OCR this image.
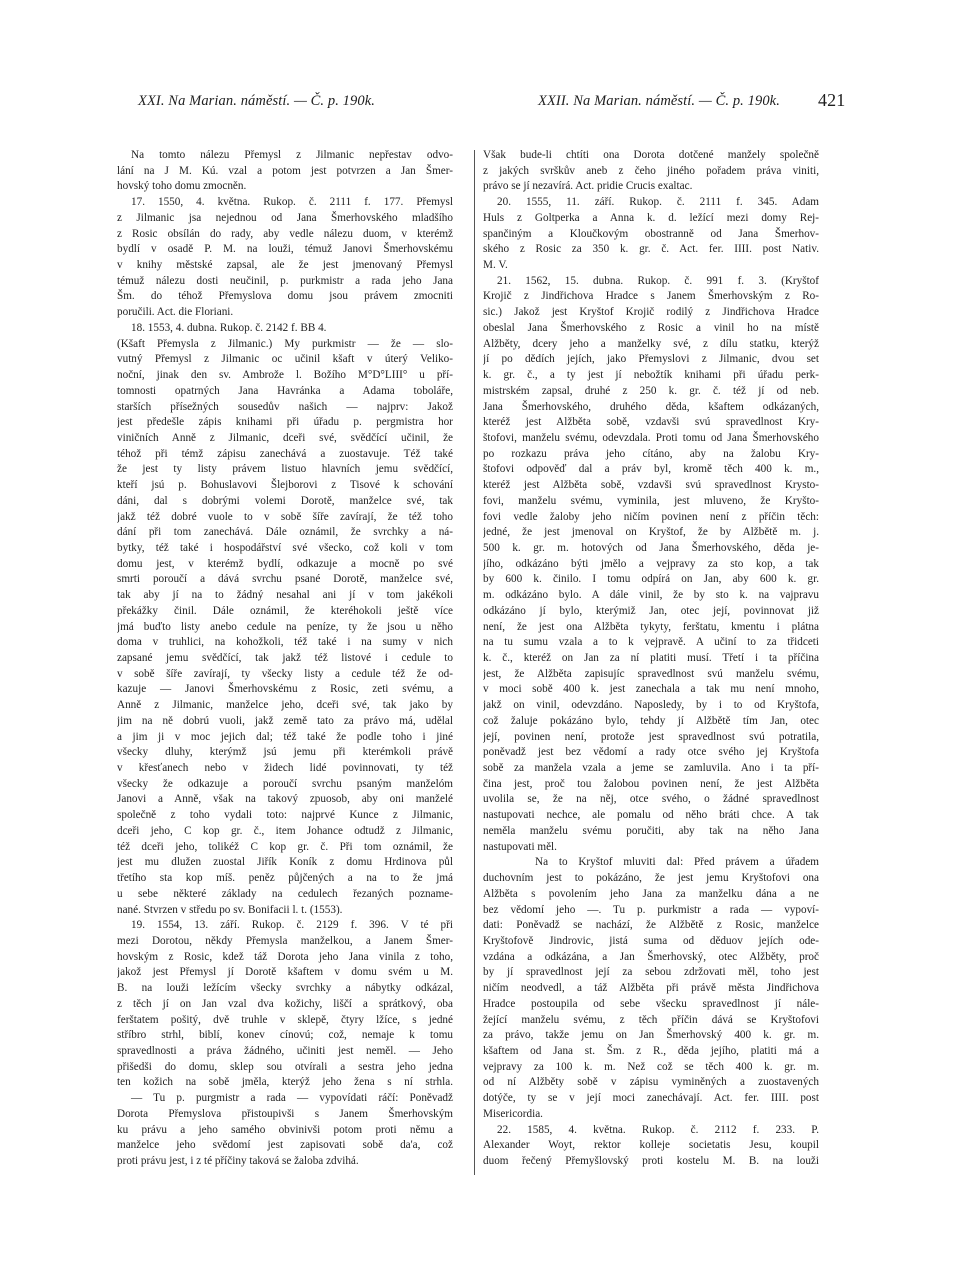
XXI. Na Marian. náměstí. — Č. p. 190k.	XXII. Na Marian. náměstí. — Č. p. 190k. 421
Na tomto nálezu Přemysl z Jilmanic nepřestav odvo-
lání na J M. Kú. vzal a potom jest potvrzen a Jan Šmer-
hovský toho domu zmocněn.
17. 1550, 4. května. Rukop. č. 2111 f. 177. Přemysl
z Jilmanic jsa nejednou od Jana Šmerhovského mladšího
z Rosic obsílán do rady, aby vedle nálezu duom, v kterémž
bydlí v osadě P. M. na louži, témuž Janovi Šmerhovskému
v knihy městské zapsal, ale že jest jmenovaný Přemysl
témuž nálezu dosti neučinil, p. purkmistr a rada jeho Jana
Šm. do téhož Přemyslova domu jsou právem zmocniti
poručili. Act. die Floriani.
18. 1553, 4. dubna. Rukop. č. 2142 f. BB 4.
(Kšaft Přemysla z Jilmanic.) My purkmistr — že — slo-
vutný Přemysl z Jilmanic oc učinil kšaft v úterý Veliko-
noční, jinak den sv. Ambrože l. Božího M°D°LIII° u pří-
tomnosti opatrných Jana Havránka a Adama toboláře,
starších přísežných sousedův našich — najprv: Jakož
jest předešle zápis knihami při úřadu p. pergmistra hor
viničních Anně z Jilmanic, dceři své, svědčící učinil, že
téhož při témž zápisu zanechává a zuostavuje. Též také
že jest ty listy právem listuo hlavních jemu svědčící,
kteří jsú p. Bohuslavovi Šlejborovi z Tisové k schování
dáni, dal s dobrými volemi Dorotě, manželce své, tak
jakž též dobré vuole to v sobě šíře zavírají, že též toho
dání při tom zanechává. Dále oznámil, že svrchky a ná-
bytky, též také i hospodářství své všecko, což koli v tom
domu jest, v kterémž bydlí, odkazuje a mocně po své
smrti poroučí a dává svrchu psané Dorotě, manželce své,
tak aby jí na to žádný nesahal ani jí v tom jakékoli
překážky činil. Dále oznámil, že kteréhokoli ještě více
jmá buďto listy anebo cedule na peníze, ty že jsou u něho
doma v truhlici, na kohožkoli, též také i na sumy v nich
zapsané jemu svědčící, tak jakž též listové i cedule to
v sobě šíře zavírají, ty všecky listy a cedule též že od-
kazuje — Janovi Šmerhovskému z Rosic, zeti svému, a
Anně z Jilmanic, manželce jeho, dceři své, tak jako by
jim na ně dobrú vuoli, jakž země tato za právo má, udělal
a jim ji v moc jejich dal; též také že podle toho i jiné
všecky dluhy, kterýmž jsú jemu při kterémkoli právě
v křesťanech nebo v židech lidé povinnovati, ty též
všecky že odkazuje a poroučí svrchu psaným manželóm
Janovi a Anně, však na takový zpuosob, aby oni manželé
společně z toho vydali toto: najprvé Kunce z Jilmanic,
dceři jeho, C kop gr. č., item Johance odtudž z Jilmanic,
též dceři jeho, tolikéž C kop gr. č. Při tom oznámil, že
jest mu dlužen zuostal Jiřík Koník z domu Hrdinova půl
třetího sta kop míš. peněz půjčených a na to že jmá
u sebe některé základy na cedulech řezaných poznamе-
nané. Stvrzen v středu po sv. Bonifacii l. t. (1553).
19. 1554, 13. září. Rukop. č. 2129 f. 396. V té při
mezi Dorotou, někdy Přemysla manželkou, a Janem Šmer-
hovským z Rosic, kdež táž Dorota jeho Jana vinila z toho,
jakož jest Přemysl jí Dorotě kšaftem v domu svém u M.
B. na louži ležícím všecky svrchky a nábytky odkázal,
z těch jí on Jan vzal dva kožichy, liščí a sprátkový, oba
ferštatem pošitý, dvě truhle v sklepě, čtyry lžíce, s jedné
stříbro strhl, biblí, konev cínovú; což, nemaje k tomu
spravedlnosti a práva žádného, učiniti jest neměl. — Jeho
přišedši do domu, sklep sou otvírali a sestra jeho jedna
ten kožich na sobě jměla, kterýž jeho žena s ní strhla.
— Tu p. purgmistr a rada — vypovídati ráčí: Poněvadž
Dorota Přemyslova přistoupivši s Janem Šmerhovským
ku právu a jeho samého obvinivši potom proti němu a
manželce jeho svědomí jest zapisovati sobě da'a, což
proti právu jest, i z té příčiny taková se žaloba zdvihá.
Však bude-li chtíti ona Dorota dotčené manžely společně
z jakých svrškův aneb z čeho jiného pořadem práva viniti,
právo se jí nezavírá. Act. pridie Crucis exaltac.
20. 1555, 11. září. Rukop. č. 2111 f. 345. Adam
Huls z Goltperka a Anna k. d. ležící mezi domy Rej-
spančiným a Kloučkovým obostranně od Jana Šmerhov-
ského z Rosic za 350 k. gr. č. Act. fer. IIII. post Nativ.
M. V.
21. 1562, 15. dubna. Rukop. č. 991 f. 3. (Kryštof
Krojič z Jindřichova Hradce s Janem Šmerhovským z Ro-
sic.) Jakož jest Kryštof Krojič rodilý z Jindřichova Hradce
obeslal Jana Šmerhovského z Rosic a vinil ho na místě
Alžběty, dcery jeho a manželky své, z dílu statku, kterýž
jí po dědích jejích, jako Přemyslovi z Jilmanic, dvou set
k. gr. č., a ty jest jí nebožtík knihami při úřadu perk-
mistrském zapsal, druhé z 250 k. gr. č. též jí od neb.
Jana Šmerhovského, druhého děda, kšaftem odkázaných,
kteréž jest Alžběta sobě, vzdavši svú spravedlnost Kry-
štofovi, manželu svému, odevzdala. Proti tomu od Jana Šmerhovského
po rozkazu práva jeho cítáno, aby na žalobu Kry-
štofovi odpověď dal a práv byl, kromě těch 400 k. m.,
kteréž jest Alžběta sobě, vzdavši svú spravedlnost Krysto-
fovi, manželu svému, vyminila, jest mluveno, že Kryšto-
fovi vedle žaloby jeho ničím povinen není z příčin těch:
jedné, že jest jmenoval on Kryštof, že by Alžbětě m. j.
500 k. gr. m. hotových od Jana Šmerhovského, děda je-
jího, odkázáno býti jmělo a vejpravy za sto kop, a tak
by 600 k. činilo. I tomu odpírá on Jan, aby 600 k. gr.
m. odkázáno bylo. A dále vinil, že by sto k. na vajpravu
odkázáno jí bylo, kterýmiž Jan, otec její, povinnovat již
není, že jest ona Alžběta tykyty, ferštatu, kmentu i plátna
na tu sumu vzala a to k vejpravě. A učiní to za třidceti
k. č., kteréž on Jan za ní platiti musí. Třetí i ta příčina
jest, že Alžběta zapisujíc spravedlnost svú manželu svému,
v moci sobě 400 k. jest zanechala a tak mu není mnoho,
jakž on vinil, odevzdáno. Naposledy, by i to od Kryštofa,
což žaluje pokázáno bylo, tehdy jí Alžbětě tím Jan, otec
její, povinen není, protože jest spravedlnost svú potratila,
poněvadž jest bez vědomí a rady otce svého jej Kryštofa
sobě za manžela vzala a jeme se zamluvila. Ano i ta pří-
čina jest, proč tou žalobou povinen není, že jest Alžběta
uvolila se, že na něj, otce svého, o žádné spravedlnost
nastupovati nechce, ale pomalu od něho bráti chce. A tak
neměla manželu svému poručiti, aby tak na něho Jana
nastupovati měl.
Na to Kryštof mluviti dal: Před právem a úřadem
duchovním jest to pokázáno, že jest jemu Kryštofovi ona
Alžběta s povolením jeho Jana za manželku dána a ne
bez vědomí jeho —. Tu p. purkmistr a rada — vypoví-
dati: Poněvadž se nachází, že Alžbětě z Rosic, manželce
Kryštofově Jindrovic, jistá suma od děduov jejích ode-
vzdána a odkázána, a Jan Šmerhovský, otec Alžběty, proč
by jí spravedlnost její za sebou zdržovati měl, toho jest
ničím neodvedl, a táž Alžběta při právě města Jindřichova
Hradce postoupila od sebe všecku spravedlnost jí nále-
žející manželu svému, z těch příčin dává se Kryštofovi
za právo, takže jemu on Jan Šmerhovský 400 k. gr. m.
kšaftem od Jana st. Šm. z R., děda jejího, platiti má a
vejpravy za 100 k. m. Než což se těch 400 k. gr. m.
od ní Alžběty sobě v zápisu vyminěných a zuostavených
dotýče, ty se v její moci zanechávají. Act. fer. IIII. post
Misericordia.
22. 1585, 4. května. Rukop. č. 2112 f. 233. P.
Alexander Woyt, rektor kolleje societatis Jesu, koupil
duom řečený Přemyšlovský proti kostelu M. B. na louži
